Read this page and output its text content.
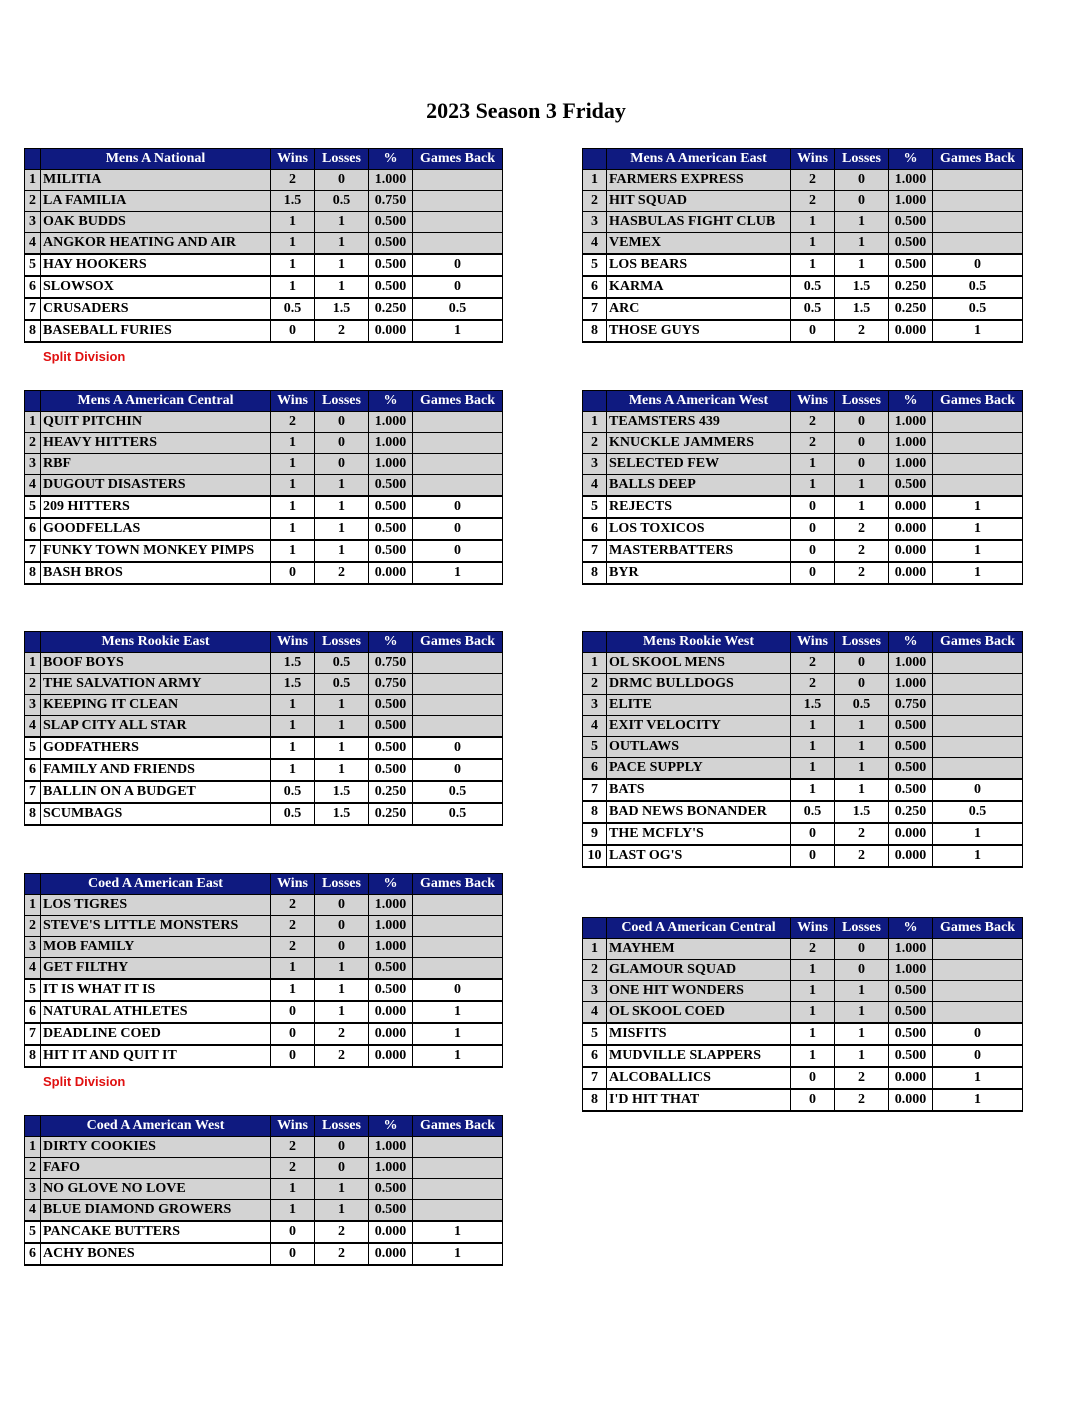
2023 Season 3 Friday
	Mens A National	Wins	Losses	%	Games Back
1	MILITIA	2	0	1.000	
2	LA FAMILIA	1.5	0.5	0.750	
3	OAK BUDDS	1	1	0.500	
4	ANGKOR HEATING AND AIR	1	1	0.500	
5	HAY HOOKERS	1	1	0.500	0
6	SLOWSOX	1	1	0.500	0
7	CRUSADERS	0.5	1.5	0.250	0.5
8	BASEBALL FURIES	0	2	0.000	1
	Mens A American East	Wins	Losses	%	Games Back
1	FARMERS EXPRESS	2	0	1.000	
2	HIT SQUAD	2	0	1.000	
3	HASBULAS FIGHT CLUB	1	1	0.500	
4	VEMEX	1	1	0.500	
5	LOS BEARS	1	1	0.500	0
6	KARMA	0.5	1.5	0.250	0.5
7	ARC	0.5	1.5	0.250	0.5
8	THOSE GUYS	0	2	0.000	1
Split Division
	Mens A American Central	Wins	Losses	%	Games Back
1	QUIT PITCHIN	2	0	1.000	
2	HEAVY HITTERS	1	0	1.000	
3	RBF	1	0	1.000	
4	DUGOUT DISASTERS	1	1	0.500	
5	209 HITTERS	1	1	0.500	0
6	GOODFELLAS	1	1	0.500	0
7	FUNKY TOWN MONKEY PIMPS	1	1	0.500	0
8	BASH BROS	0	2	0.000	1
	Mens A American West	Wins	Losses	%	Games Back
1	TEAMSTERS 439	2	0	1.000	
2	KNUCKLE JAMMERS	2	0	1.000	
3	SELECTED FEW	1	0	1.000	
4	BALLS DEEP	1	1	0.500	
5	REJECTS	0	1	0.000	1
6	LOS TOXICOS	0	2	0.000	1
7	MASTERBATTERS	0	2	0.000	1
8	BYR	0	2	0.000	1
	Mens Rookie East	Wins	Losses	%	Games Back
1	BOOF BOYS	1.5	0.5	0.750	
2	THE SALVATION ARMY	1.5	0.5	0.750	
3	KEEPING IT CLEAN	1	1	0.500	
4	SLAP CITY ALL STAR	1	1	0.500	
5	GODFATHERS	1	1	0.500	0
6	FAMILY AND FRIENDS	1	1	0.500	0
7	BALLIN ON A BUDGET	0.5	1.5	0.250	0.5
8	SCUMBAGS	0.5	1.5	0.250	0.5
	Mens Rookie West	Wins	Losses	%	Games Back
1	OL SKOOL MENS	2	0	1.000	
2	DRMC BULLDOGS	2	0	1.000	
3	ELITE	1.5	0.5	0.750	
4	EXIT VELOCITY	1	1	0.500	
5	OUTLAWS	1	1	0.500	
6	PACE SUPPLY	1	1	0.500	
7	BATS	1	1	0.500	0
8	BAD NEWS BONANDER	0.5	1.5	0.250	0.5
9	THE MCFLY'S	0	2	0.000	1
10	LAST OG'S	0	2	0.000	1
	Coed A American East	Wins	Losses	%	Games Back
1	LOS TIGRES	2	0	1.000	
2	STEVE'S LITTLE MONSTERS	2	0	1.000	
3	MOB FAMILY	2	0	1.000	
4	GET FILTHY	1	1	0.500	
5	IT IS WHAT IT IS	1	1	0.500	0
6	NATURAL ATHLETES	0	1	0.000	1
7	DEADLINE COED	0	2	0.000	1
8	HIT IT AND QUIT IT	0	2	0.000	1
Split Division
	Coed A American Central	Wins	Losses	%	Games Back
1	MAYHEM	2	0	1.000	
2	GLAMOUR SQUAD	1	0	1.000	
3	ONE HIT WONDERS	1	1	0.500	
4	OL SKOOL COED	1	1	0.500	
5	MISFITS	1	1	0.500	0
6	MUDVILLE SLAPPERS	1	1	0.500	0
7	ALCOBALLICS	0	2	0.000	1
8	I'D HIT THAT	0	2	0.000	1
	Coed A American West	Wins	Losses	%	Games Back
1	DIRTY COOKIES	2	0	1.000	
2	FAFO	2	0	1.000	
3	NO GLOVE NO LOVE	1	1	0.500	
4	BLUE DIAMOND GROWERS	1	1	0.500	
5	PANCAKE BUTTERS	0	2	0.000	1
6	ACHY BONES	0	2	0.000	1
